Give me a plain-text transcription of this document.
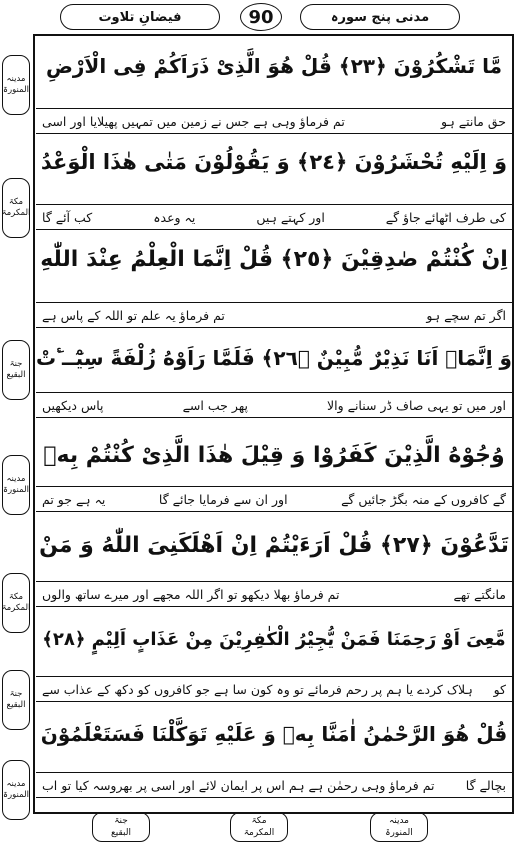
فیضانِ تلاوت	90	مدنی پنج سورہ
مَّا تَشْكُرُوْنَ ﴿٢٣﴾ قُلْ هُوَ الَّذِیْ ذَرَاَكُمْ فِی الْاَرْضِ
حق مانتے ہو
تم فرماؤ وہی ہے جس نے زمین میں تمہیں پھیلایا اور اسی
وَ اِلَیْهِ تُحْشَرُوْنَ ﴿٢٤﴾ وَ یَقُوْلُوْنَ مَتٰى هٰذَا الْوَعْدُ
کی طرف اٹھائے جاؤ گے
اور کہتے ہیں
یہ وعدہ
کب آئے گا
اِنْ كُنْتُمْ صٰدِقِیْنَ ﴿٢٥﴾ قُلْ اِنَّمَا الْعِلْمُ عِنْدَ اللّٰهِ
اگر تم سچے ہو
تم فرماؤ یہ علم تو اللہ کے پاس ہے
وَ اِنَّمَاۤ اَنَا نَذِیْرٌ مُّبِیْنٌ ﴿٢٦﴾ فَلَمَّا رَاَوْهُ زُلْفَةً سِیْٓــٴَتْ
اور میں تو یہی صاف ڈر سنانے والا
پھر جب اسے
پاس دیکھیں
وُجُوْهُ الَّذِیْنَ كَفَرُوْا وَ قِیْلَ هٰذَا الَّذِیْ كُنْتُمْ بِهٖ
گے کافروں کے منہ بگڑ جائیں گے
اور ان سے فرمایا جائے گا
یہ ہے جو تم
تَدَّعُوْنَ ﴿٢٧﴾ قُلْ اَرَءَیْتُمْ اِنْ اَهْلَكَنِیَ اللّٰهُ وَ مَنْ
مانگتے تھے
تم فرماؤ بھلا دیکھو تو اگر اللہ مجھے اور میرے ساتھ والوں
مَّعِیَ اَوْ رَحِمَنَا فَمَنْ یُّجِیْرُ الْكٰفِرِیْنَ مِنْ عَذَابٍ اَلِیْمٍ ﴿٢٨﴾
کو
ہلاک کردے یا ہم پر رحم فرمائے تو وہ کون سا ہے جو کافروں کو دکھ کے عذاب سے
قُلْ هُوَ الرَّحْمٰنُ اٰمَنَّا بِهٖ وَ عَلَیْهِ تَوَكَّلْنَا فَسَتَعْلَمُوْنَ
بچالے گا
تم فرماؤ وہی رحمٰن ہے ہم اس پر ایمان لائے اور اسی پر بھروسہ کیا تو اب
مدینہ
المنورۃ
مکۃ
المکرمۃ
جنۃ
البقیع
مدینہ
المنورۃ
مکۃ
المکرمۃ
جنۃ
البقیع
مدینہ
المنورۃ
جنۃ
البقیع
مکۃ
المکرمۃ
مدینہ
المنورۃ
